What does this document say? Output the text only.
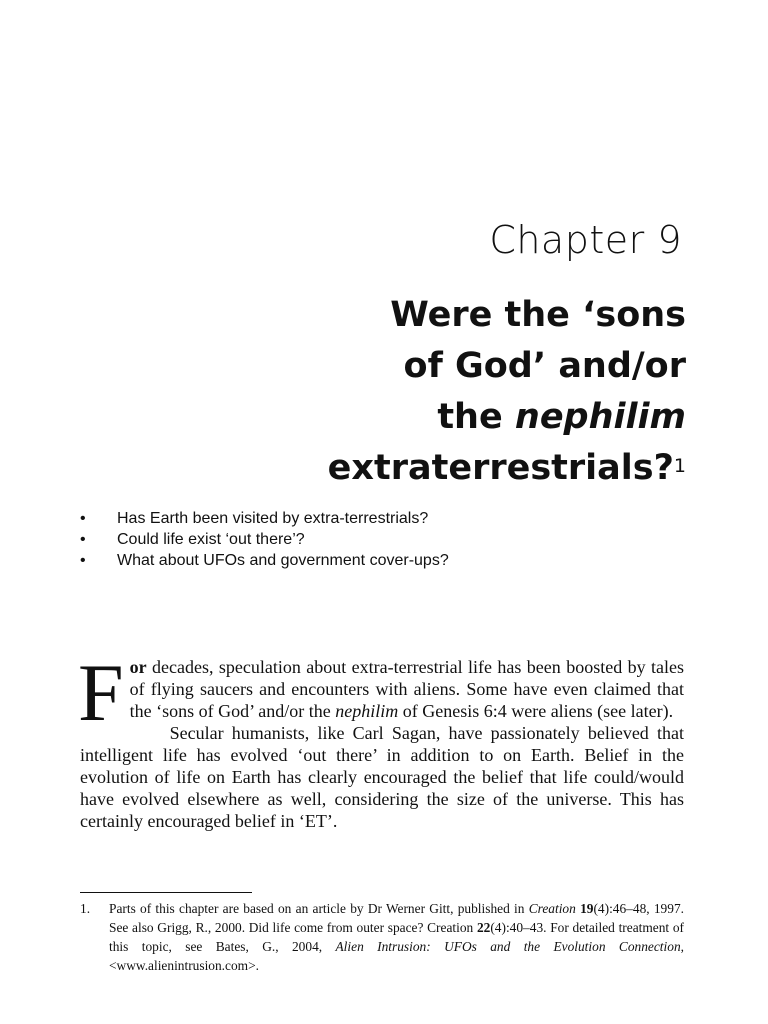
Chapter 9
Were the ‘sons
of God’ and/or
the nephilim
extraterrestrials?$^1$
• Has Earth been visited by extra-terrestrials?
• Could life exist ‘out there’?
• What about UFOs and government cover-ups?

For decades, speculation about extra-terrestrial life has been boosted by tales of flying saucers and encounters with aliens. Some have even claimed that the ‘sons of God’ and/or the nephilim of Genesis 6:4 were aliens (see later).

Secular humanists, like Carl Sagan, have passionately believed that intelligent life has evolved ‘out there’ in addition to on Earth. Belief in the evolution of life on Earth has clearly encouraged the belief that life could/would have evolved elsewhere as well, considering the size of the universe. This has certainly encouraged belief in ‘ET’.

1. Parts of this chapter are based on an article by Dr Werner Gitt, published in Creation 19(4):46–48, 1997. See also Grigg, R., 2000. Did life come from outer space? Creation 22(4):40–43. For detailed treatment of this topic, see Bates, G., 2004, Alien Intrusion: UFOs and the Evolution Connection, <www.alienintrusion.com>.
